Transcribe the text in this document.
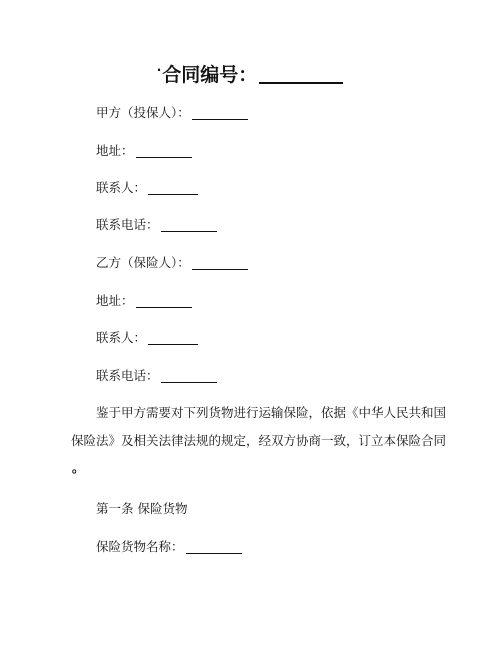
·合同编号：
甲方（投保人）：
地址：
联系人：
联系电话：
乙方（保险人）：
地址：
联系人：
联系电话：
鉴于甲方需要对下列货物进行运输保险，依据《中华人民共和国
保险法》及相关法律法规的规定，经双方协商一致，订立本保险合同
。
第一条 保险货物
保险货物名称：
